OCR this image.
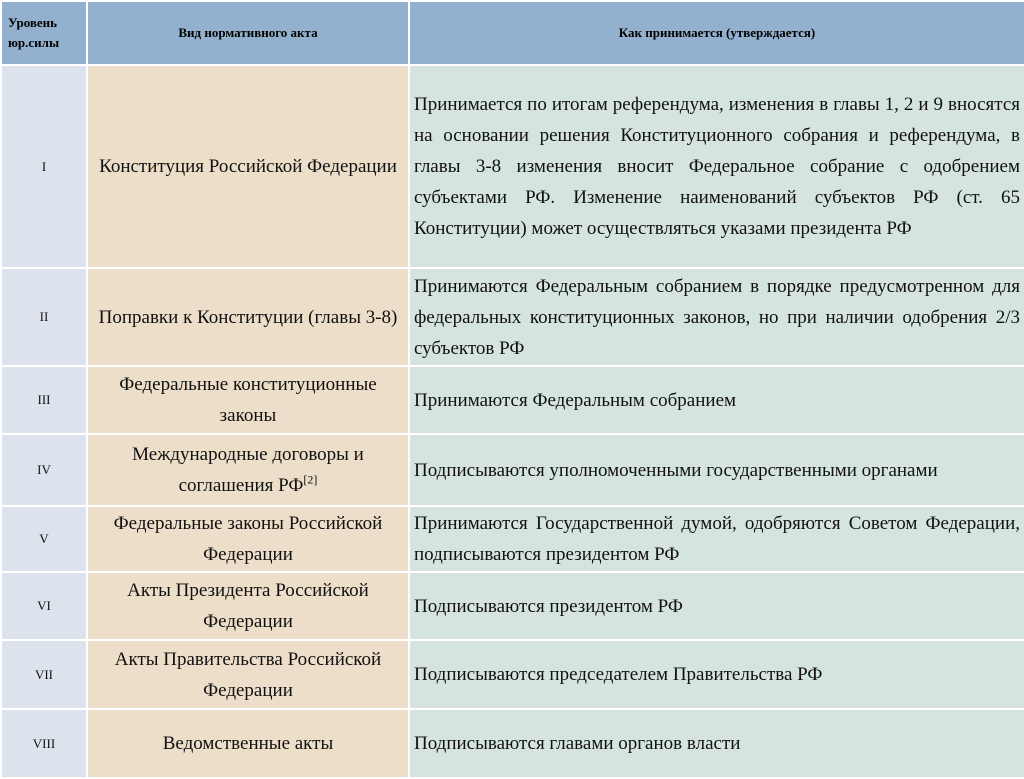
Уровень юр.силы	Вид нормативного акта	Как принимается (утверждается)
I	Конституция Российской Федерации	Принимается по итогам референдума, изменения в главы 1, 2 и 9 вносятся на основании решения Конституционного собрания и референдума, в главы 3-8 изменения вносит Федеральное собрание с одобрением субъектами РФ. Изменение наименований субъектов РФ (ст. 65 Конституции) может осуществляться указами президента РФ
II	Поправки к Конституции (главы 3-8)	Принимаются Федеральным собранием в порядке предусмотренном для федеральных конституционных законов, но при наличии одобрения 2/3 субъектов РФ
III	Федеральные конституционные законы	Принимаются Федеральным собранием
IV	Международные договоры и соглашения РФ[2]	Подписываются уполномоченными государственными органами
V	Федеральные законы Российской Федерации	Принимаются Государственной думой, одобряются Советом Федерации, подписываются президентом РФ
VI	Акты Президента Российской Федерации	Подписываются президентом РФ
VII	Акты Правительства Российской Федерации	Подписываются председателем Правительства РФ
VIII	Ведомственные акты	Подписываются главами органов власти
